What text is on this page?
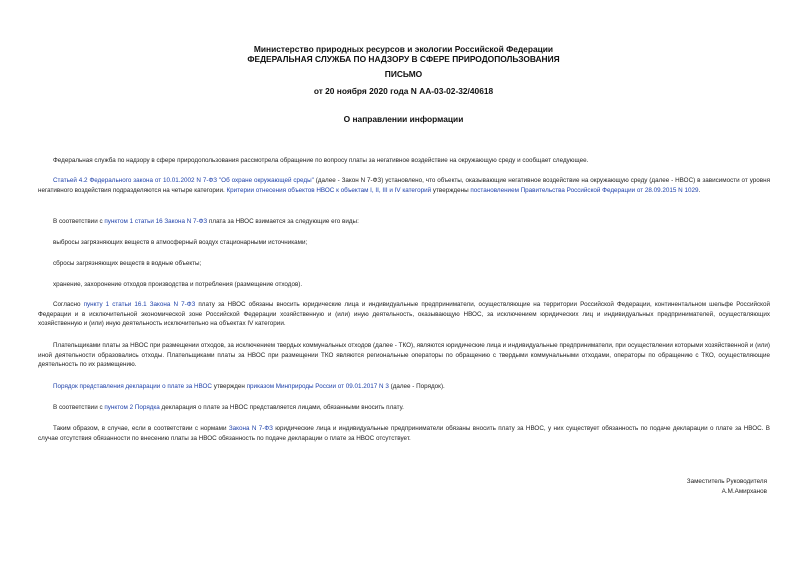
Министерство природных ресурсов и экологии Российской Федерации
ФЕДЕРАЛЬНАЯ СЛУЖБА ПО НАДЗОРУ В СФЕРЕ ПРИРОДОПОЛЬЗОВАНИЯ
ПИСЬМО
от 20 ноября 2020 года N АА-03-02-32/40618
О направлении информации
Федеральная служба по надзору в сфере природопользования рассмотрела обращение по вопросу платы за негативное воздействие на окружающую среду и сообщает следующее.
Статьей 4.2 Федерального закона от 10.01.2002 N 7-ФЗ "Об охране окружающей среды" (далее - Закон N 7-ФЗ) установлено, что объекты, оказывающие негативное воздействие на окружающую среду (далее - НВОС) в зависимости от уровня негативного воздействия подразделяются на четыре категории. Критерии отнесения объектов НВОС к объектам I, II, III и IV категорий утверждены постановлением Правительства Российской Федерации от 28.09.2015 N 1029.
В соответствии с пунктом 1 статьи 16 Закона N 7-ФЗ плата за НВОС взимается за следующие его виды:
выбросы загрязняющих веществ в атмосферный воздух стационарными источниками;
сбросы загрязняющих веществ в водные объекты;
хранение, захоронение отходов производства и потребления (размещение отходов).
Согласно пункту 1 статьи 16.1 Закона N 7-ФЗ плату за НВОС обязаны вносить юридические лица и индивидуальные предприниматели, осуществляющие на территории Российской Федерации, континентальном шельфе Российской Федерации и в исключительной экономической зоне Российской Федерации хозяйственную и (или) иную деятельность, оказывающую НВОС, за исключением юридических лиц и индивидуальных предпринимателей, осуществляющих хозяйственную и (или) иную деятельность исключительно на объектах IV категории.
Плательщиками платы за НВОС при размещении отходов, за исключением твердых коммунальных отходов (далее - ТКО), являются юридические лица и индивидуальные предприниматели, при осуществлении которыми хозяйственной и (или) иной деятельности образовались отходы. Плательщиками платы за НВОС при размещении ТКО являются региональные операторы по обращению с твердыми коммунальными отходами, операторы по обращению с ТКО, осуществляющие деятельность по их размещению.
Порядок представления декларации о плате за НВОС утвержден приказом Минприроды России от 09.01.2017 N 3 (далее - Порядок).
В соответствии с пунктом 2 Порядка декларация о плате за НВОС представляется лицами, обязанными вносить плату.
Таким образом, в случае, если в соответствии с нормами Закона N 7-ФЗ юридические лица и индивидуальные предприниматели обязаны вносить плату за НВОС, у них существует обязанность по подаче декларации о плате за НВОС. В случае отсутствия обязанности по внесению платы за НВОС обязанность по подаче декларации о плате за НВОС отсутствует.
Заместитель Руководителя
А.М.Амирханов
